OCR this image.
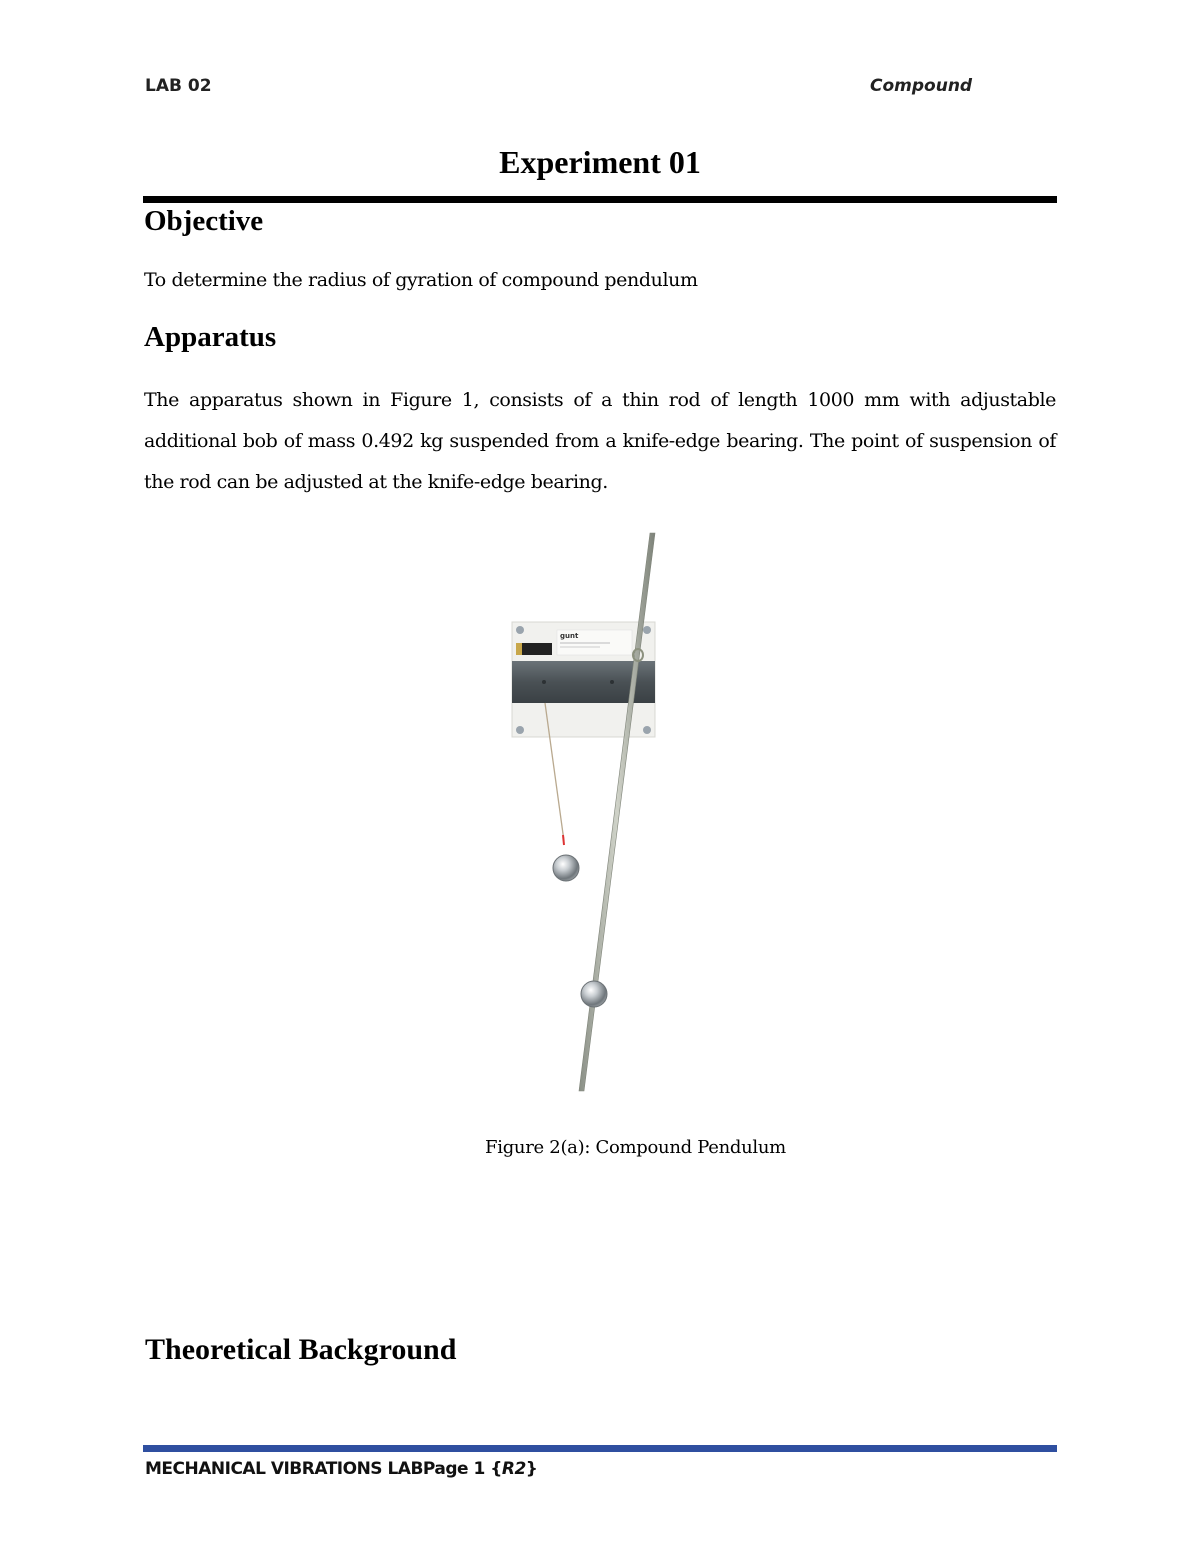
LAB 02	Compound
Experiment 01
Objective
To determine the radius of gyration of compound pendulum
Apparatus
The apparatus shown in Figure 1, consists of a thin rod of length 1000 mm with adjustable additional bob of mass 0.492 kg suspended from a knife-edge bearing. The point of suspension of the rod can be adjusted at the knife-edge bearing.
gunt
Figure 2(a): Compound Pendulum
Theoretical Background
MECHANICAL VIBRATIONS LABPage 1 {R2}
